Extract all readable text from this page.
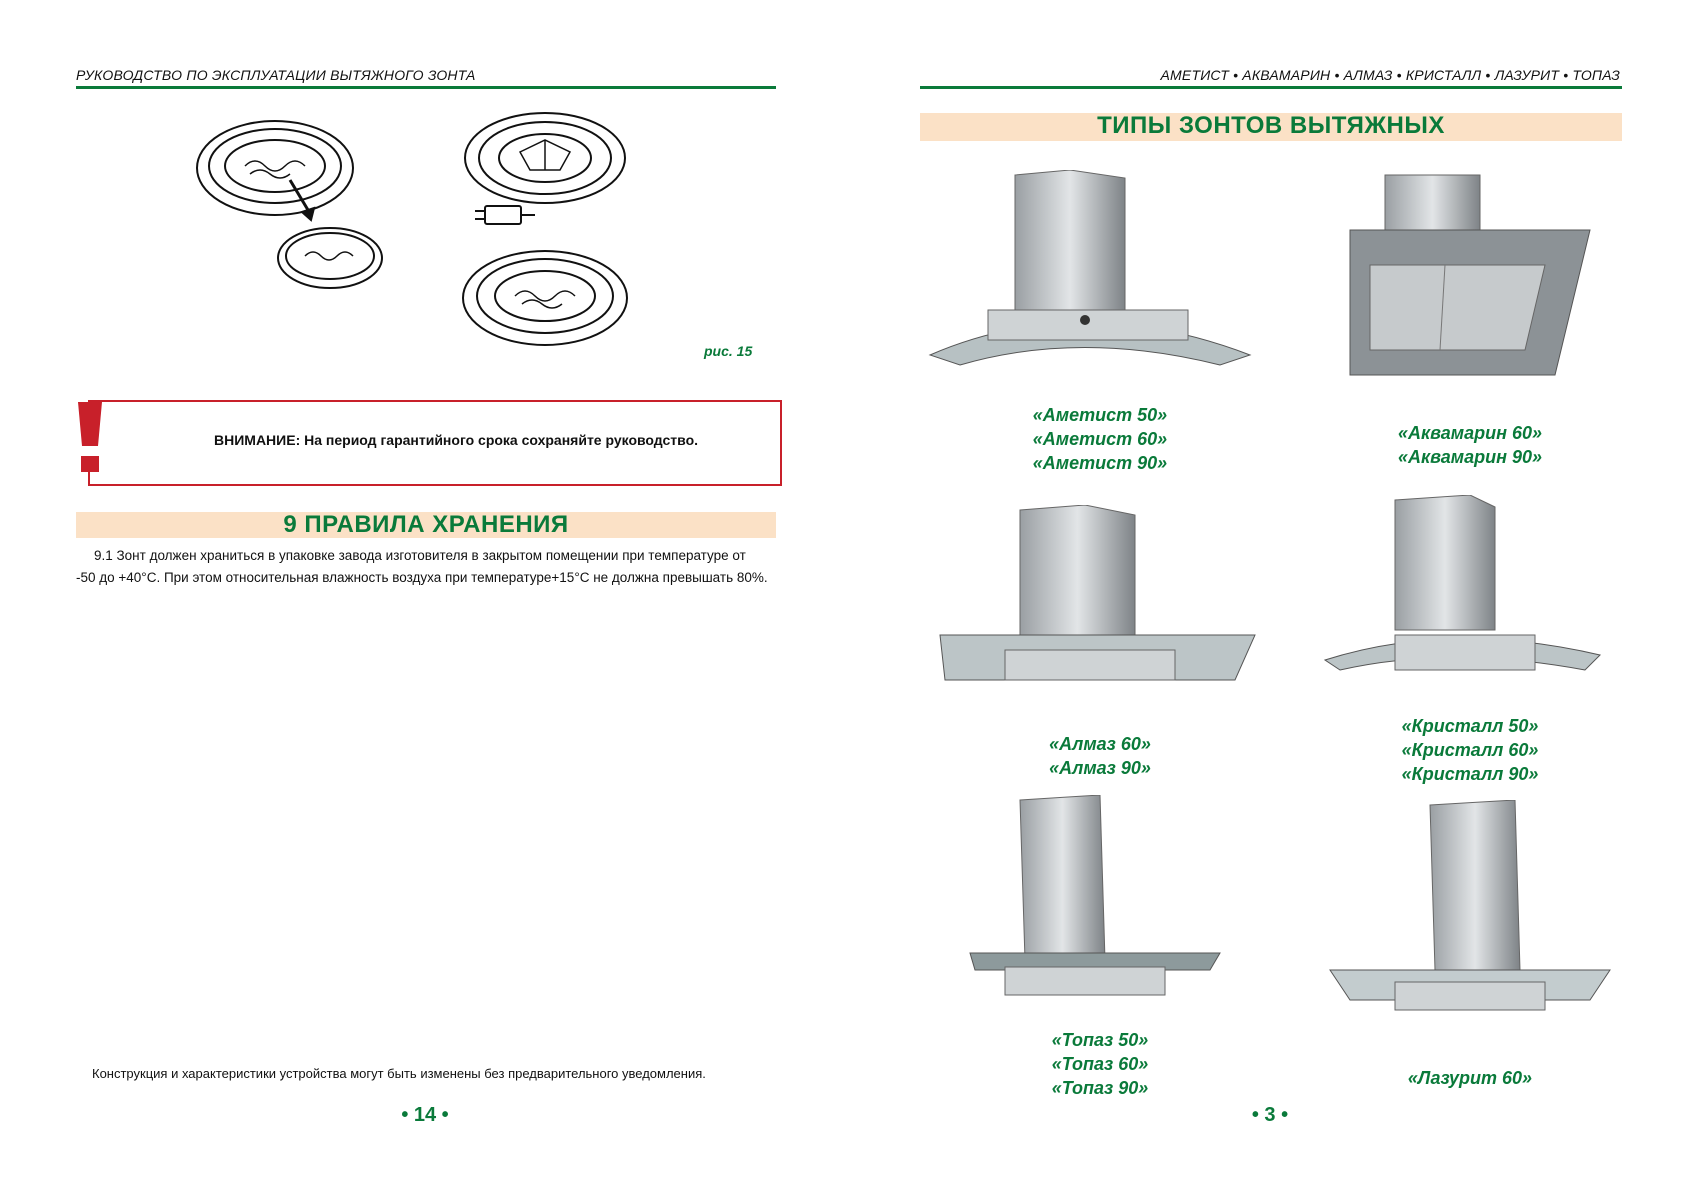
РУКОВОДСТВО ПО ЭКСПЛУАТАЦИИ ВЫТЯЖНОГО ЗОНТА
рис. 15
ВНИМАНИЕ: На период гарантийного срока сохраняйте руководство.
9 ПРАВИЛА ХРАНЕНИЯ
9.1 Зонт должен храниться в упаковке завода изготовителя в закрытом помещении при температуре от
-50 до +40°С. При этом относительная влажность воздуха при температуре+15°С не должна превышать 80%.
Конструкция и характеристики устройства могут быть изменены без предварительного уведомления.
• 14 •
АМЕТИСТ • АКВАМАРИН • АЛМАЗ • КРИСТАЛЛ • ЛАЗУРИТ • ТОПАЗ
ТИПЫ ЗОНТОВ ВЫТЯЖНЫХ
«Аметист 50»
«Аметист 60»
«Аметист 90»
«Аквамарин 60»
«Аквамарин 90»
«Алмаз 60»
«Алмаз 90»
«Кристалл 50»
«Кристалл 60»
«Кристалл 90»
«Топаз 50»
«Топаз 60»
«Топаз 90»	«Лазурит 60»
• 3 •
